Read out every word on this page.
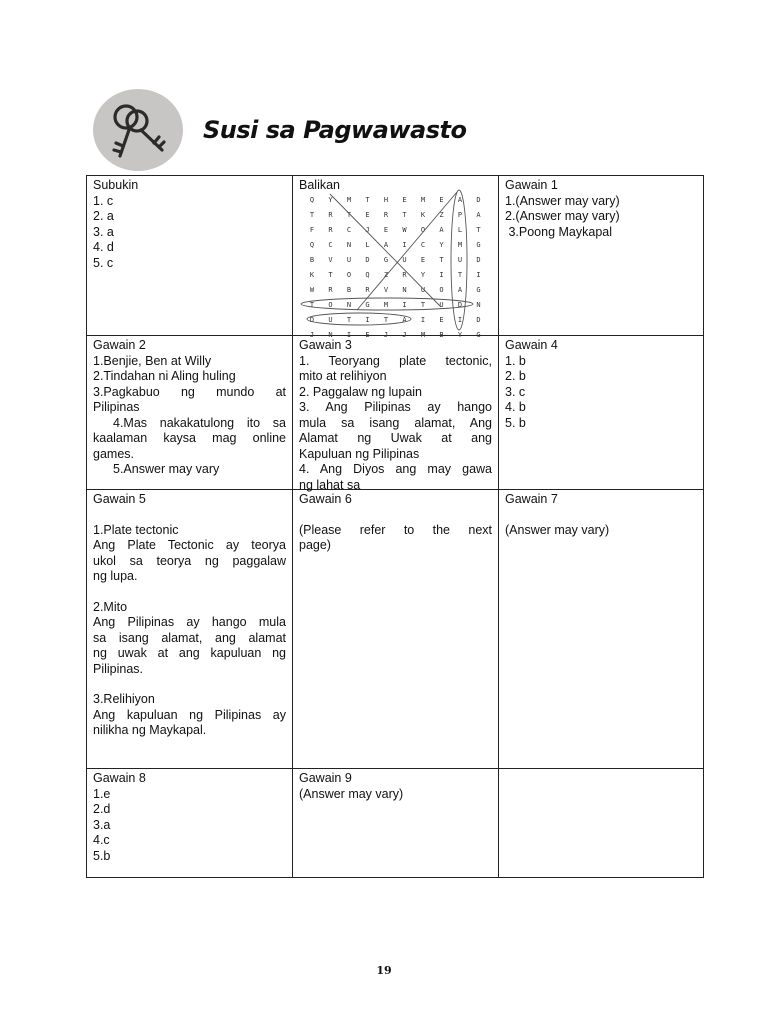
Susi sa Pagwawasto
Subukin
1. c
2. a
3. a
4. d
5. c
Balikan
Q Y M T H E M E A D
T R T E R T K Z P A
F R C J E W O A L T
Q C N L A I C Y M G
B V U D G U E T U D
K T O Q Z R Y I T I
W R B R V N U O A G
T O N G M I T U D N
D U T I T A I E I D
J N I E J J M B Y G
Gawain 1
1.(Answer may vary)
2.(Answer may vary)
3.Poong Maykapal
Gawain 2
1.Benjie, Ben at Willy
2.Tindahan ni Aling huling
3.Pagkabuo ng mundo at
Pilipinas
4.Mas nakakatulong ito sa
kaalaman kaysa mag online
games.
5.Answer may vary
Gawain 3
1. Teoryang plate tectonic,
mito at relihiyon
2. Paggalaw ng lupain
3. Ang Pilipinas ay hango
mula sa isang alamat, Ang
Alamat ng Uwak at ang
Kapuluan ng Pilipinas
4. Ang Diyos ang may gawa
ng lahat sa
Gawain 4
1. b
2. b
3. c
4. b
5. b
Gawain 5
1.Plate tectonic
Ang Plate Tectonic ay teorya
ukol sa teorya ng paggalaw
ng lupa.
2.Mito
Ang Pilipinas ay hango mula
sa isang alamat, ang alamat
ng uwak at ang kapuluan ng
Pilipinas.
3.Relihiyon
Ang kapuluan ng Pilipinas ay
nilikha ng Maykapal.
Gawain 6
(Please refer to the next
page)
Gawain 7
(Answer may vary)
Gawain 8
1.e
2.d
3.a
4.c
5.b
Gawain 9
(Answer may vary)
19
